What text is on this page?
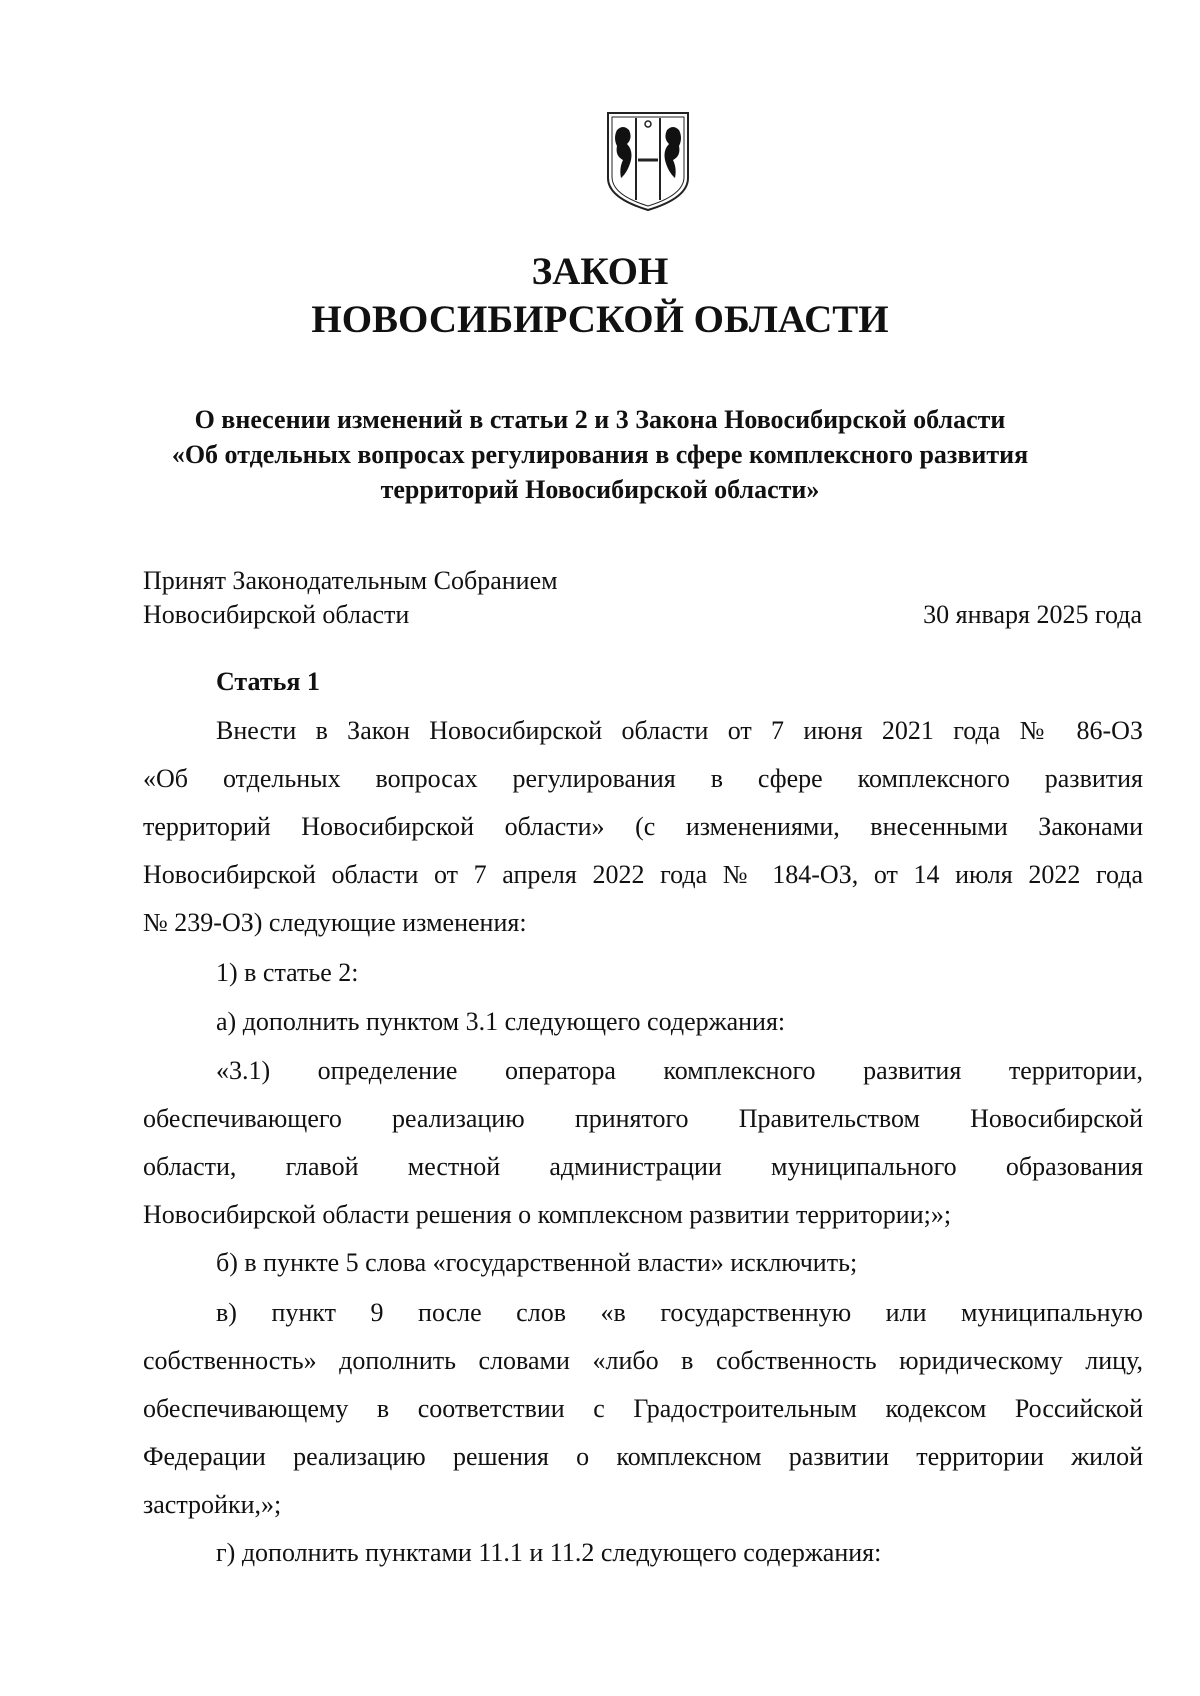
ЗАКОН
НОВОСИБИРСКОЙ ОБЛАСТИ
О внесении изменений в статьи 2 и 3 Закона Новосибирской области
«Об отдельных вопросах регулирования в сфере комплексного развития
территорий Новосибирской области»
Принят Законодательным Собранием
Новосибирской области	30 января 2025 года
Статья 1
Внести в Закон Новосибирской области от 7 июня 2021 года № 86-ОЗ
«Об отдельных вопросах регулирования в сфере комплексного развития
территорий Новосибирской области» (с изменениями, внесенными Законами
Новосибирской области от 7 апреля 2022 года № 184-ОЗ, от 14 июля 2022 года
№ 239-ОЗ) следующие изменения:
1) в статье 2:
а) дополнить пунктом 3.1 следующего содержания:
«3.1) определение оператора комплексного развития территории,
обеспечивающего реализацию принятого Правительством Новосибирской
области, главой местной администрации муниципального образования
Новосибирской области решения о комплексном развитии территории;»;
б) в пункте 5 слова «государственной власти» исключить;
в) пункт 9 после слов «в государственную или муниципальную
собственность» дополнить словами «либо в собственность юридическому лицу,
обеспечивающему в соответствии с Градостроительным кодексом Российской
Федерации реализацию решения о комплексном развитии территории жилой
застройки,»;
г) дополнить пунктами 11.1 и 11.2 следующего содержания:
